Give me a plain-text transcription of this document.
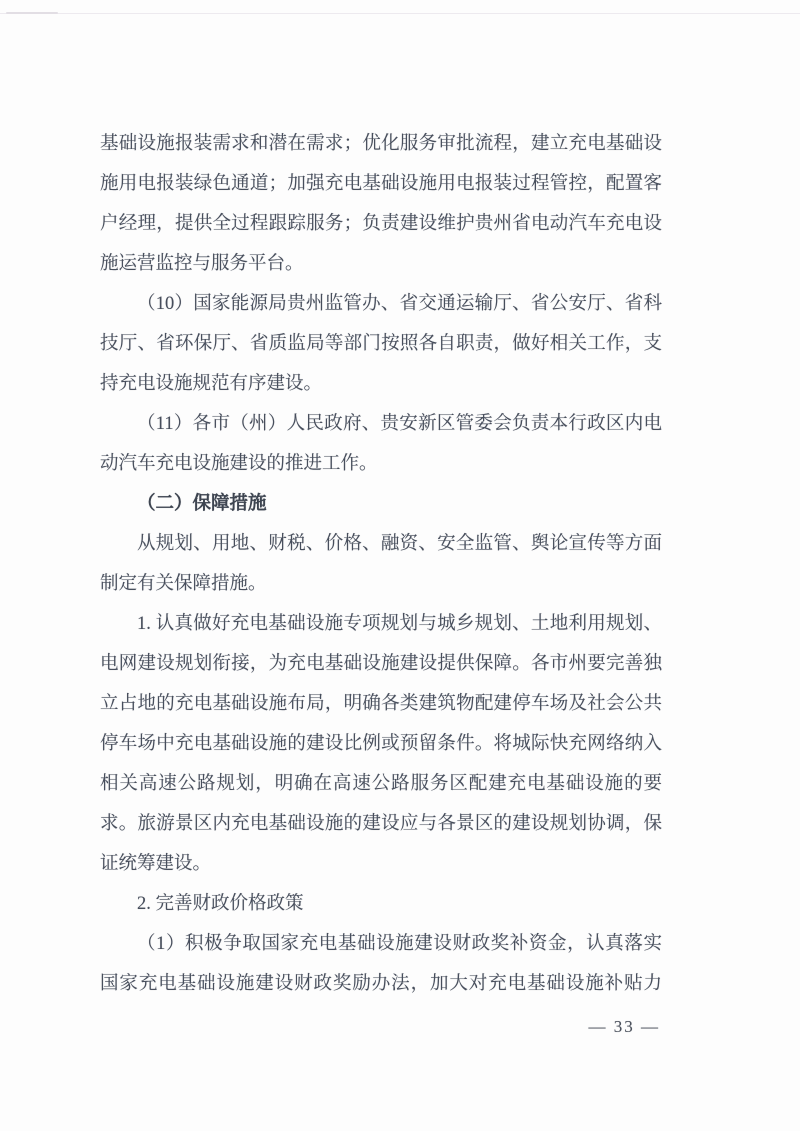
基础设施报装需求和潜在需求；优化服务审批流程，建立充电基础设
施用电报装绿色通道；加强充电基础设施用电报装过程管控，配置客
户经理，提供全过程跟踪服务；负责建设维护贵州省电动汽车充电设
施运营监控与服务平台。
（10）国家能源局贵州监管办、省交通运输厅、省公安厅、省科
技厅、省环保厅、省质监局等部门按照各自职责，做好相关工作，支
持充电设施规范有序建设。
（11）各市（州）人民政府、贵安新区管委会负责本行政区内电
动汽车充电设施建设的推进工作。
（二）保障措施
从规划、用地、财税、价格、融资、安全监管、舆论宣传等方面
制定有关保障措施。
1. 认真做好充电基础设施专项规划与城乡规划、土地利用规划、
电网建设规划衔接，为充电基础设施建设提供保障。各市州要完善独
立占地的充电基础设施布局，明确各类建筑物配建停车场及社会公共
停车场中充电基础设施的建设比例或预留条件。将城际快充网络纳入
相关高速公路规划，明确在高速公路服务区配建充电基础设施的要
求。旅游景区内充电基础设施的建设应与各景区的建设规划协调，保
证统筹建设。
2. 完善财政价格政策
（1）积极争取国家充电基础设施建设财政奖补资金，认真落实
国家充电基础设施建设财政奖励办法，加大对充电基础设施补贴力
— 33 —
